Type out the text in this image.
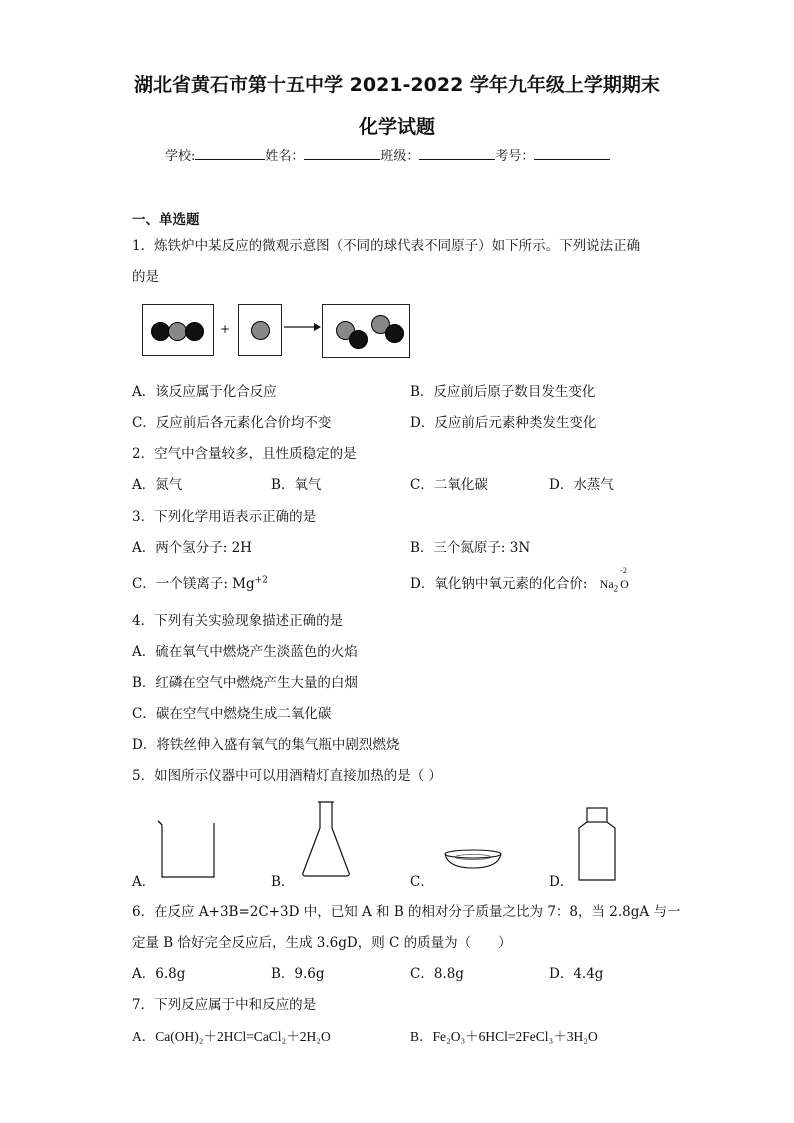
湖北省黄石市第十五中学 2021-2022 学年九年级上学期期末
化学试题
学校:	姓名：	班级：	考号：
一、单选题
1．炼铁炉中某反应的微观示意图（不同的球代表不同原子）如下所示。下列说法正确
的是
+
A．该反应属于化合反应	B．反应前后原子数目发生变化
C．反应前后各元素化合价均不变	D．反应前后元素种类发生变化
2．空气中含量较多，且性质稳定的是
A．氮气	B．氧气	C．二氧化碳	D．水蒸气
3．下列化学用语表示正确的是
A．两个氢分子: 2H	B．三个氮原子: 3N
C．一个镁离子: $Mg^{+2}$	D．氧化钠中氧元素的化合价: $Na_2$ O
-2
4．下列有关实验现象描述正确的是
A．硫在氧气中燃烧产生淡蓝色的火焰
B．红磷在空气中燃烧产生大量的白烟
C．碳在空气中燃烧生成二氧化碳
D．将铁丝伸入盛有氧气的集气瓶中剧烈燃烧
5．如图所示仪器中可以用酒精灯直接加热的是（ ）
A．	B．	C．	D．
6．在反应 A+3B=2C+3D 中，已知 A 和 B 的相对分子质量之比为 7：8，当 2.8gA 与一
定量 B 恰好完全反应后，生成 3.6gD，则 C 的质量为（　　）
A．6.8g	B．9.6g	C．8.8g	D．4.4g
7．下列反应属于中和反应的是
A．Ca(OH)₂＋2HCl=CaCl₂＋2H₂O	B．Fe₂O₃＋6HCl=2FeCl₃＋3H₂O
